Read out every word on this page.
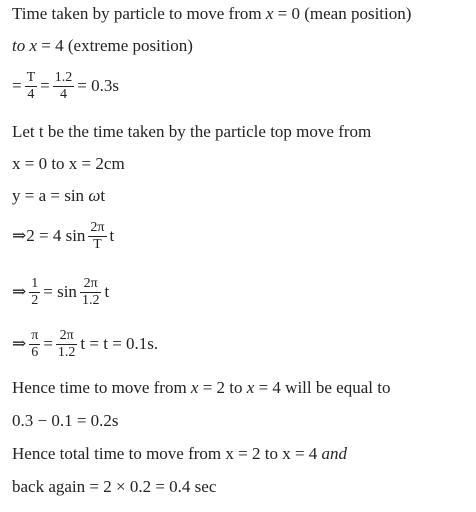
Time taken by particle to move from x = 0 (mean position)
to x = 4 (extreme position)
= $\frac{T}{4} = \frac{1.2}{4} = 0.3s$
Let t be the time taken by the particle top move from
x = 0 to x = 2cm
y = a = sin ωt
⇒2 = 4 $\sin \frac{2\pi}{T}$ t
⇒ $\frac{1}{2} = \sin \frac{2\pi}{1.2}$ t
⇒ $\frac{\pi}{6} = \frac{2\pi}{1.2}$ t = t = 0.1s.
Hence time to move from x = 2 to x = 4 will be equal to
0.3 − 0.1 = 0.2s
Hence total time to move from x = 2 to x = 4 and
back again = 2 × 0.2 = 0.4 sec
